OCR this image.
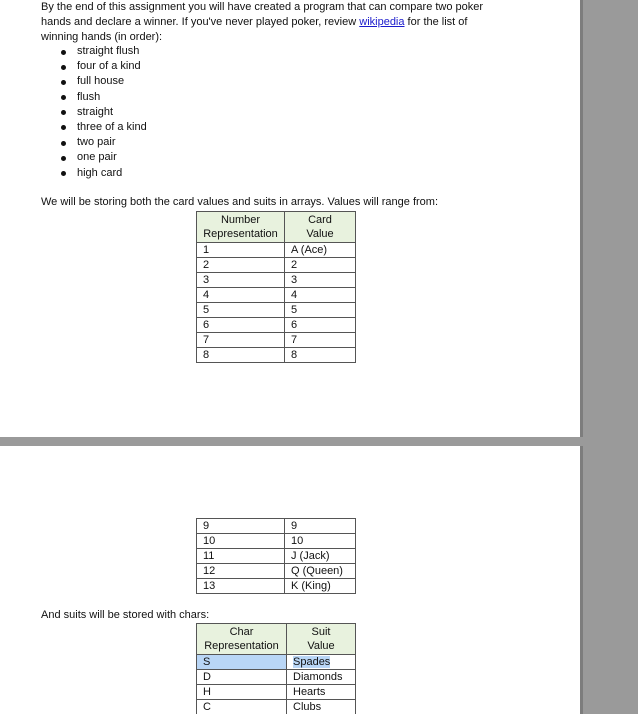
By the end of this assignment you will have created a program that can compare two poker hands and declare a winner. If you've never played poker, review wikipedia for the list of winning hands (in order):

straight flush
four of a kind
full house
flush
straight
three of a kind
two pair
one pair
high card

We will be storing both the card values and suits in arrays. Values will range from:

Number
Representation	Card
Value
1	A (Ace)
2	2
3	3
4	4
5	5
6	6
7	7
8	8
9	9
10	10
11	J (Jack)
12	Q (Queen)
13	K (King)

And suits will be stored with chars:

Char
Representation	Suit
Value
S	Spades
D	Diamonds
H	Hearts
C	Clubs
